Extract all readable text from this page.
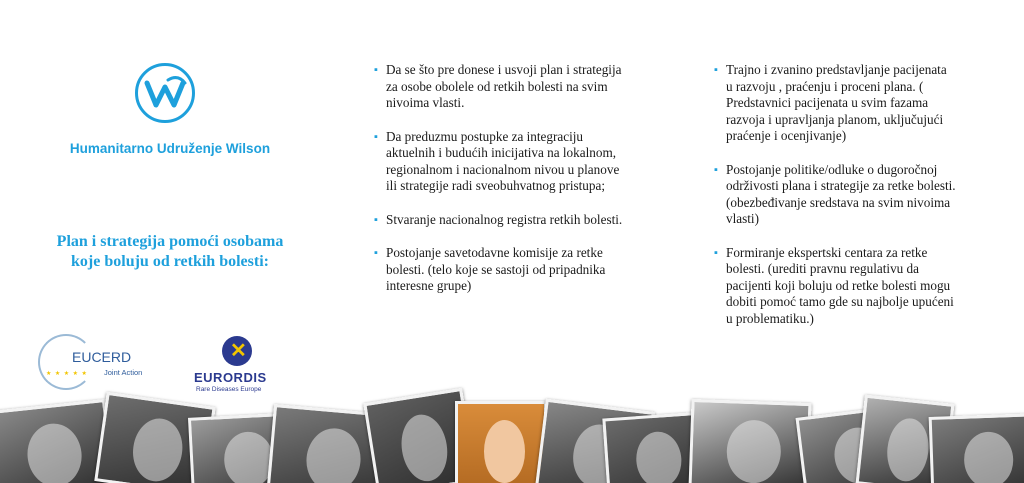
Humanitarno Udruženje Wilson
Plan i strategija pomoći osobama
koje boluju od retkih bolesti:
★ ★ ★ ★ ★
EUCERD
Joint Action
✕
EURORDIS
Rare Diseases Europe
▪ Da se što pre donese i usvoji plan i strategija
za osobe obolele od retkih bolesti na svim
nivoima vlasti.
▪ Da preduzmu postupke za integraciju
aktuelnih i budućih inicijativa na lokalnom,
regionalnom i nacionalnom nivou u planove
ili strategije radi sveobuhvatnog pristupa;
▪ Stvaranje nacionalnog registra retkih bolesti.
▪ Postojanje savetodavne komisije za retke
bolesti. (telo koje se sastoji od pripadnika
interesne grupe)
▪ Trajno i zvanino predstavljanje pacijenata
u razvoju , praćenju i proceni plana. (
Predstavnici pacijenata u svim fazama
razvoja i upravljanja planom, uključujući
praćenje i ocenjivanje)
▪ Postojanje politike/odluke o dugoročnoj
održivosti plana i strategije za retke bolesti.
(obezbeđivanje sredstava na svim nivoima
vlasti)
▪ Formiranje ekspertski centara za retke
bolesti. (urediti pravnu regulativu da
pacijenti koji boluju od retke bolesti mogu
dobiti pomoć tamo gde su najbolje upućeni
u problematiku.)
